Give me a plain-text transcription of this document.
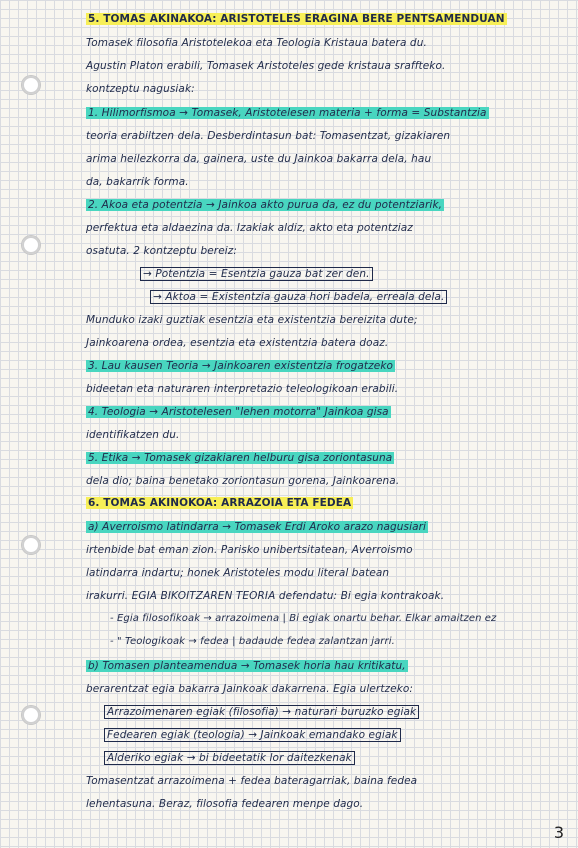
5. TOMAS AKINAKOA: ARISTOTELES ERAGINA BERE PENTSAMENDUAN
Tomasek filosofia Aristotelekoa eta Teologia Kristaua batera du.
Agustin Platon erabili, Tomasek Aristoteles gede kristaua sraffteko.
kontzeptu nagusiak:
1. Hilimorfismoa → Tomasek, Aristotelesen materia + forma = Substantzia
teoria erabiltzen dela. Desberdintasun bat: Tomasentzat, gizakiaren
arima heilezkorra da, gainera, uste du Jainkoa bakarra dela, hau
da, bakarrik forma.
2. Akoa eta potentzia → Jainkoa akto purua da, ez du potentziarik,
perfektua eta aldaezina da. Izakiak aldiz, akto eta potentziaz
osatuta. 2 kontzeptu bereiz:
→ Potentzia = Esentzia gauza bat zer den.
→ Aktoa = Existentzia gauza hori badela, erreala dela.
Munduko izaki guztiak esentzia eta existentzia bereizita dute;
Jainkoarena ordea, esentzia eta existentzia batera doaz.
3. Lau kausen Teoria → Jainkoaren existentzia frogatzeko
bideetan eta naturaren interpretazio teleologikoan erabili.
4. Teologia → Aristotelesen "lehen motorra" Jainkoa gisa
identifikatzen du.
5. Etika → Tomasek gizakiaren helburu gisa zoriontasuna
dela dio; baina benetako zoriontasun gorena, Jainkoarena.
6. TOMAS AKINOKOA: ARRAZOIA ETA FEDEA
a) Averroismo latindarra → Tomasek Erdi Aroko arazo nagusiari
irtenbide bat eman zion. Parisko unibertsitatean, Averroismo
latindarra indartu; honek Aristoteles modu literal batean
irakurri. EGIA BIKOITZAREN TEORIA defendatu: Bi egia kontrakoak.
- Egia filosofikoak → arrazoimena | Bi egiak onartu behar. Elkar amaitzen ez
- " Teologikoak → fedea | badaude fedea zalantzan jarri.
b) Tomasen planteamendua → Tomasek horia hau kritikatu,
berarentzat egia bakarra Jainkoak dakarrena. Egia ulertzeko:
Arrazoimenaren egiak (filosofia) → naturari buruzko egiak
Fedearen egiak (teologia) → Jainkoak emandako egiak
Alderiko egiak → bi bideetatik lor daitezkenak
Tomasentzat arrazoimena + fedea bateragarriak, baina fedea
lehentasuna. Beraz, filosofia fedearen menpe dago.
3
